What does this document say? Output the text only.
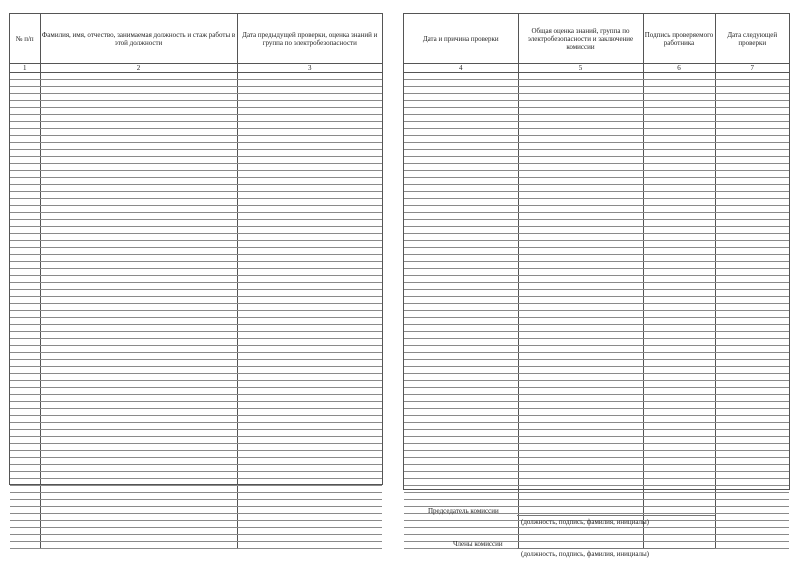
№ п/п	Фамилия, имя, отчество, занимаемая должность и стаж работы в этой должности	Дата предыдущей проверки, оценка знаний и группа по электробезопасности
1	2	3

Дата и причина проверки	Общая оценка знаний, группа по электробезопасности и заключение комиссии	Подпись проверяемого работника	Дата следующей проверки
4	5	6	7

Председатель комиссии
(должность, подпись, фамилия, инициалы)
Члены комиссии
(должность, подпись, фамилия, инициалы)
